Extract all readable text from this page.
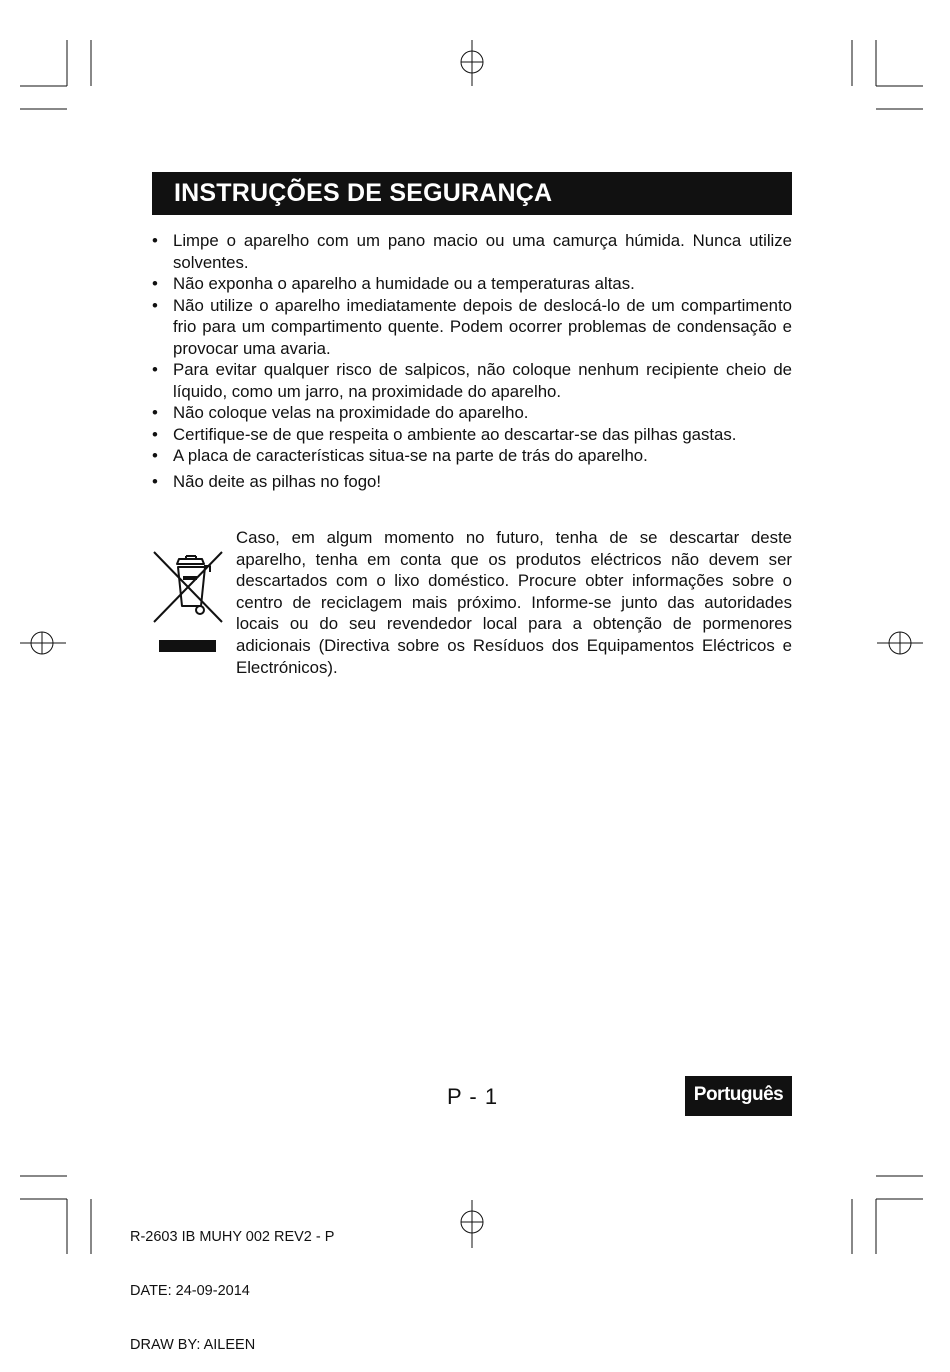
INSTRUÇÕES DE SEGURANÇA
• Limpe o aparelho com um pano macio ou uma camurça húmida. Nunca utilize solventes.
• Não exponha o aparelho a humidade ou a temperaturas altas.
• Não utilize o aparelho imediatamente depois de deslocá-lo de um compartimento frio para um compartimento quente. Podem ocorrer problemas de condensação e provocar uma avaria.
• Para evitar qualquer risco de salpicos, não coloque nenhum recipiente cheio de líquido, como um jarro, na proximidade do aparelho.
• Não coloque velas na proximidade do aparelho.
• Certifique-se de que respeita o ambiente ao descartar-se das pilhas gastas.
• A placa de características situa-se na parte de trás do aparelho.
• Não deite as pilhas no fogo!

Caso, em algum momento no futuro, tenha de se descartar deste aparelho, tenha em conta que os produtos eléctricos não devem ser descartados com o lixo doméstico. Procure obter informações sobre o centro de reciclagem mais próximo. Informe-se junto das autoridades locais ou do seu revendedor local para a obtenção de pormenores adicionais (Directiva sobre os Resíduos dos Equipamentos Eléctricos e Electrónicos).

P - 1	Português

R-2603 IB MUHY 002 REV2 - P

DATE: 24-09-2014

DRAW BY: AILEEN
